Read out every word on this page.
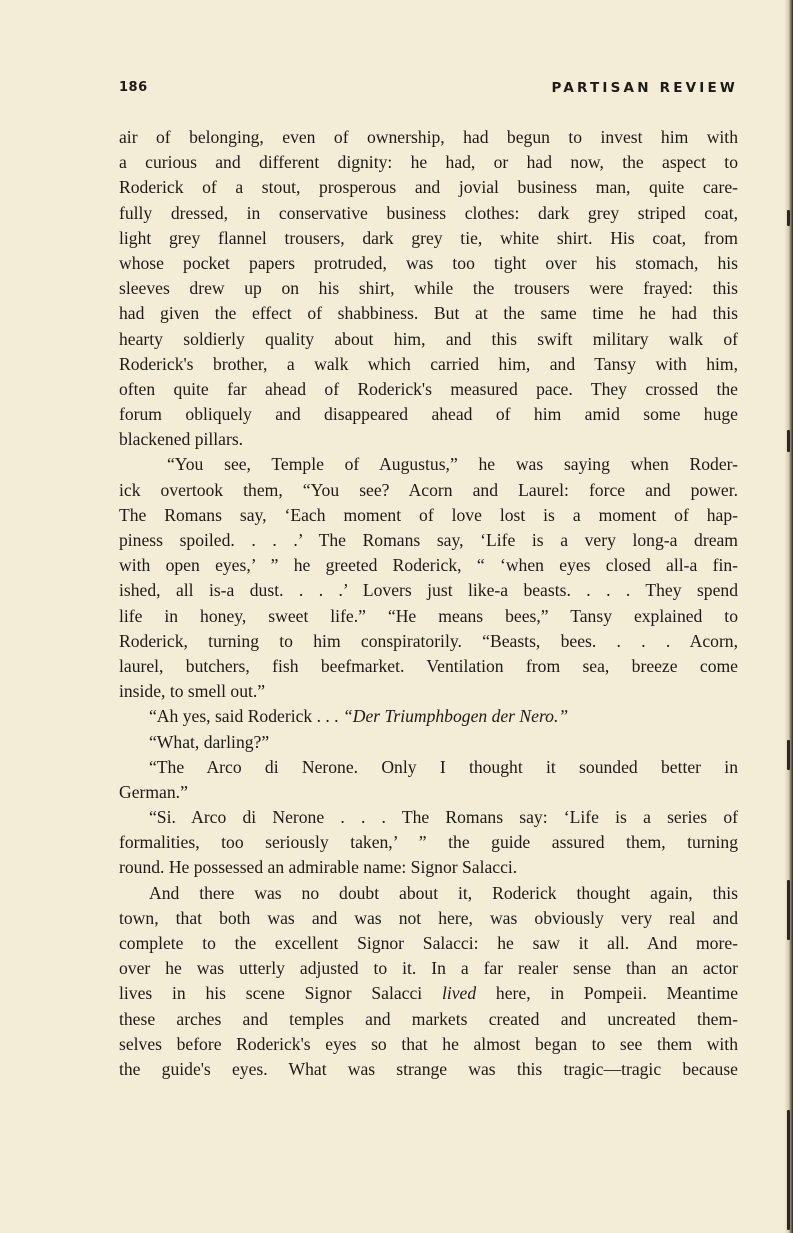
186	PARTISAN REVIEW
air of belonging, even of ownership, had begun to invest him with
a curious and different dignity: he had, or had now, the aspect to
Roderick of a stout, prosperous and jovial business man, quite care-
fully dressed, in conservative business clothes: dark grey striped coat,
light grey flannel trousers, dark grey tie, white shirt. His coat, from
whose pocket papers protruded, was too tight over his stomach, his
sleeves drew up on his shirt, while the trousers were frayed: this
had given the effect of shabbiness. But at the same time he had this
hearty soldierly quality about him, and this swift military walk of
Roderick's brother, a walk which carried him, and Tansy with him,
often quite far ahead of Roderick's measured pace. They crossed the
forum obliquely and disappeared ahead of him amid some huge
blackened pillars.
“You see, Temple of Augustus,” he was saying when Roder-
ick overtook them, “You see? Acorn and Laurel: force and power.
The Romans say, ‘Each moment of love lost is a moment of hap-
piness spoiled. . . .’ The Romans say, ‘Life is a very long-a dream
with open eyes,’ ” he greeted Roderick, “ ‘when eyes closed all-a fin-
ished, all is-a dust. . . .’ Lovers just like-a beasts. . . . They spend
life in honey, sweet life.” “He means bees,” Tansy explained to
Roderick, turning to him conspiratorily. “Beasts, bees. . . . Acorn,
laurel, butchers, fish beefmarket. Ventilation from sea, breeze come
inside, to smell out.”
“Ah yes, said Roderick . . . “Der Triumphbogen der Nero.”
“What, darling?”
“The Arco di Nerone. Only I thought it sounded better in
German.”
“Si. Arco di Nerone . . . The Romans say: ‘Life is a series of
formalities, too seriously taken,’ ” the guide assured them, turning
round. He possessed an admirable name: Signor Salacci.
And there was no doubt about it, Roderick thought again, this
town, that both was and was not here, was obviously very real and
complete to the excellent Signor Salacci: he saw it all. And more-
over he was utterly adjusted to it. In a far realer sense than an actor
lives in his scene Signor Salacci lived here, in Pompeii. Meantime
these arches and temples and markets created and uncreated them-
selves before Roderick's eyes so that he almost began to see them with
the guide's eyes. What was strange was this tragic—tragic because
